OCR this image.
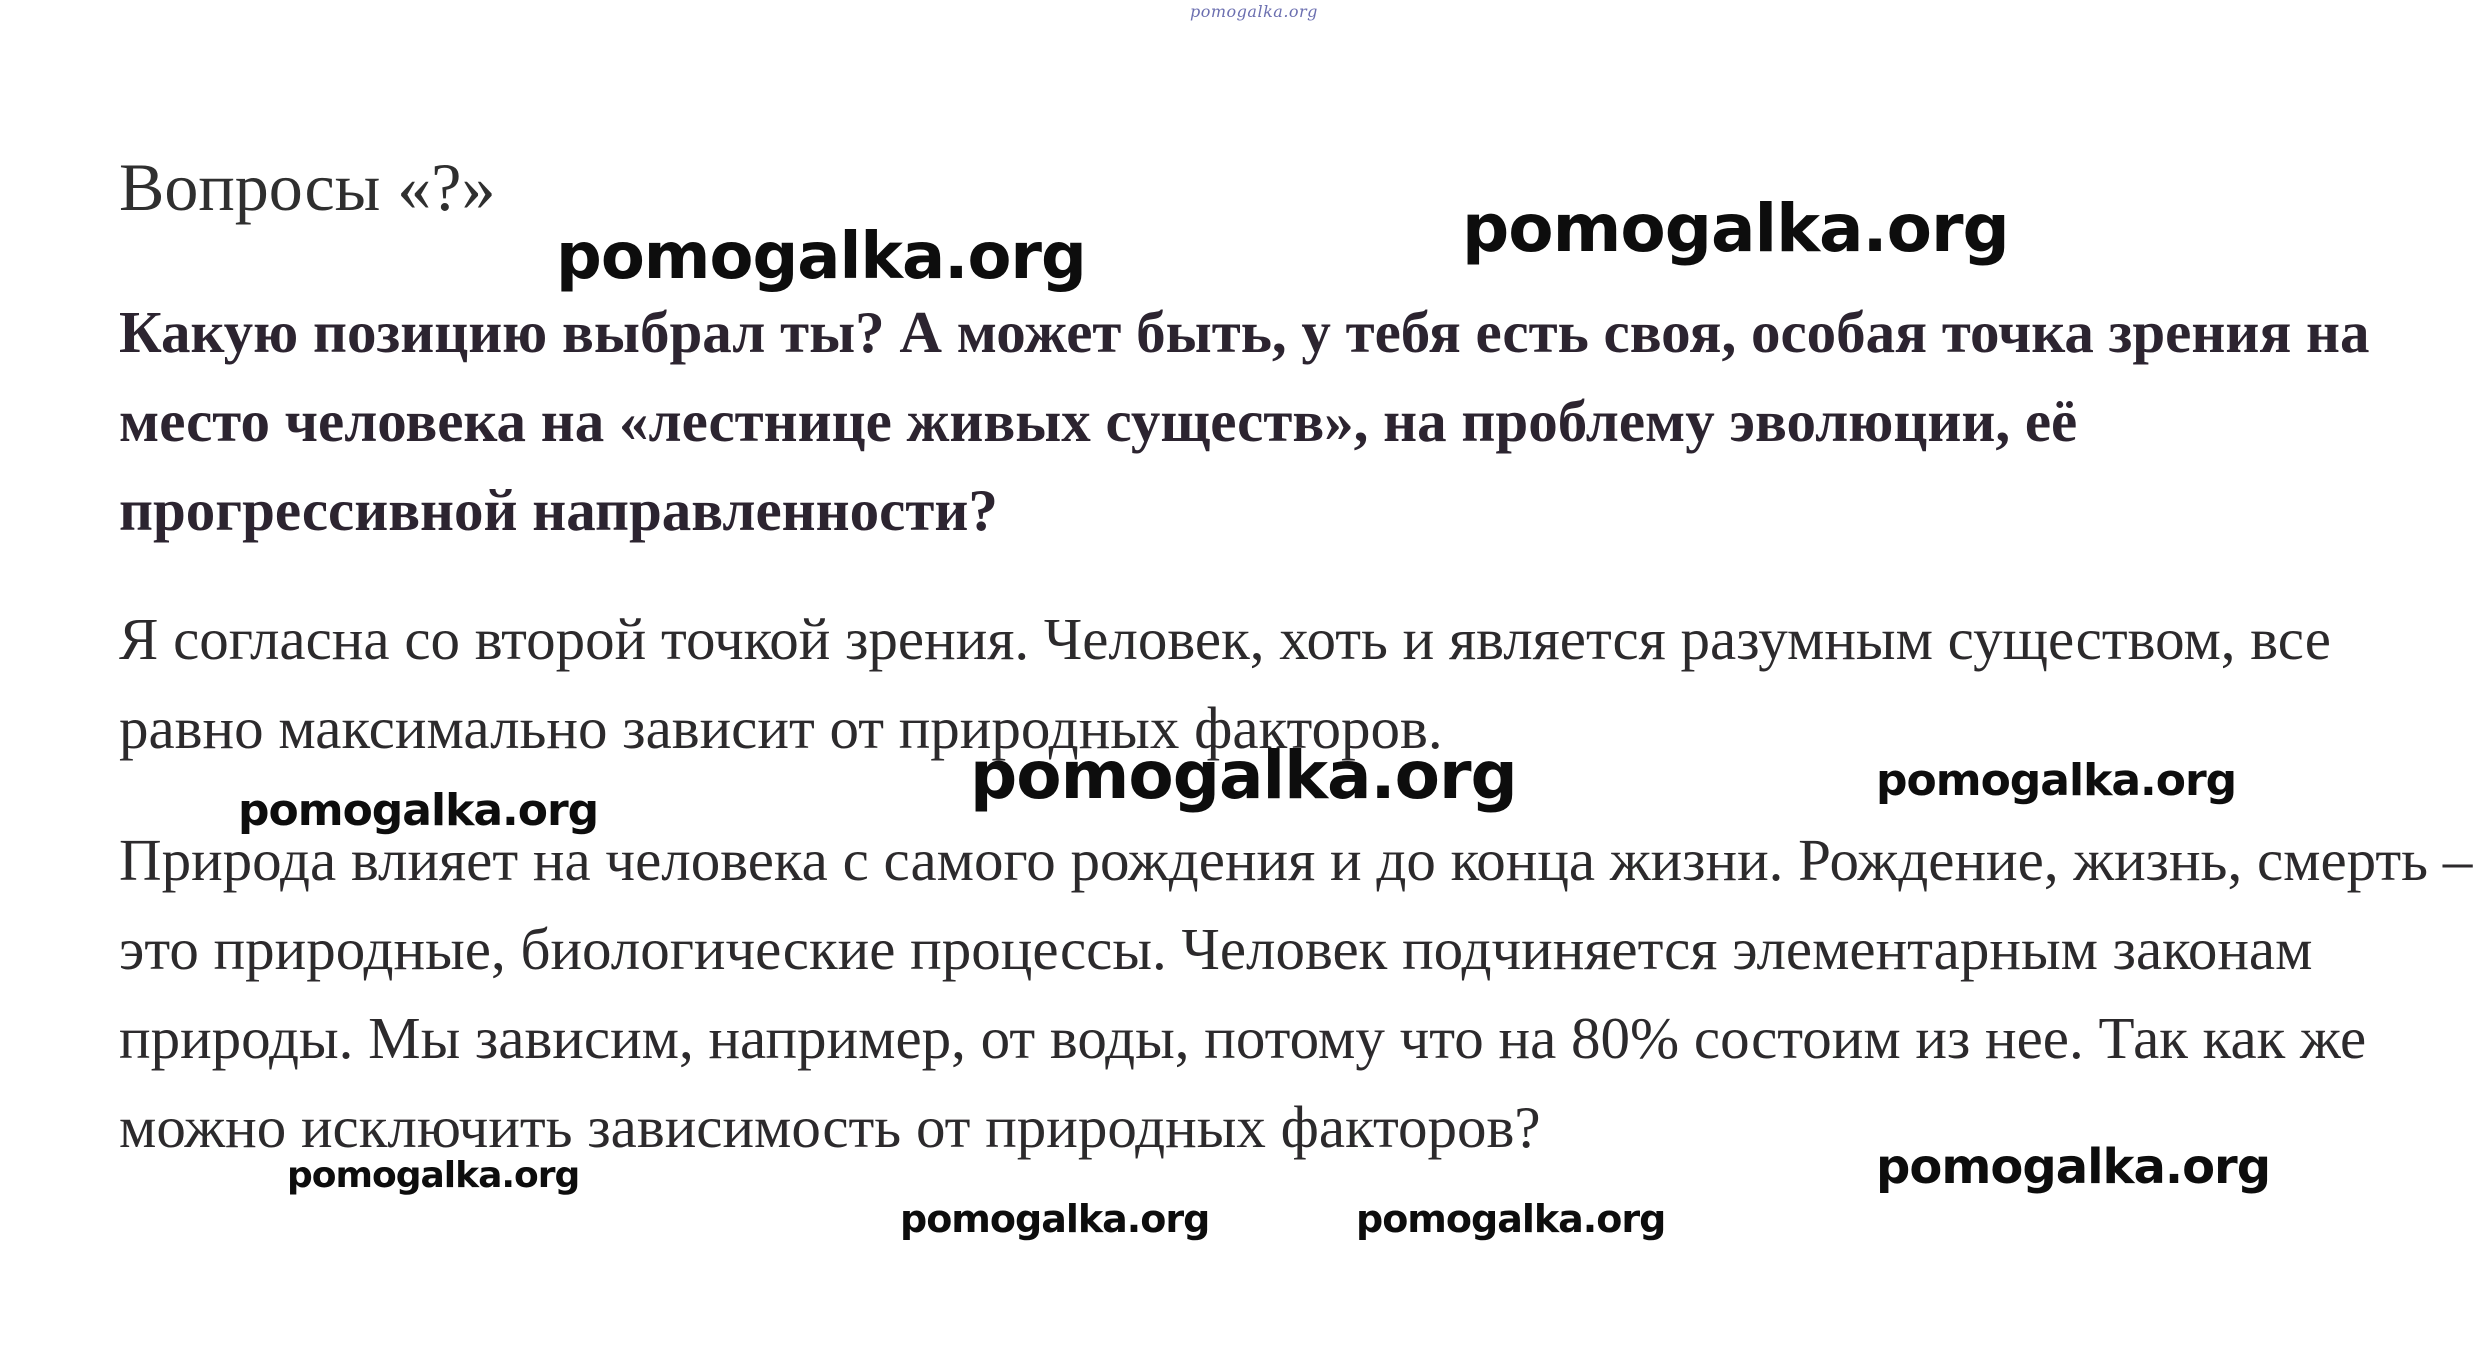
pomogalka.org
Вопросы «?»
Какую позицию выбрал ты? А может быть, у тебя есть своя, особая точка зрения на место человека на «лестнице живых существ», на проблему эволюции, её прогрессивной направленности?
Я согласна со второй точкой зрения. Человек, хоть и является разумным существом, все равно максимально зависит от природных факторов.
Природа влияет на человека с самого рождения и до конца жизни. Рождение, жизнь, смерть – это природные, биологические процессы. Человек подчиняется элементарным законам природы. Мы зависим, например, от воды, потому что на 80% состоим из нее. Так как же можно исключить зависимость от природных факторов?
pomogalka.org	pomogalka.org
pomogalka.org
pomogalka.org
pomogalka.org
pomogalka.org
pomogalka.org
pomogalka.org	pomogalka.org
